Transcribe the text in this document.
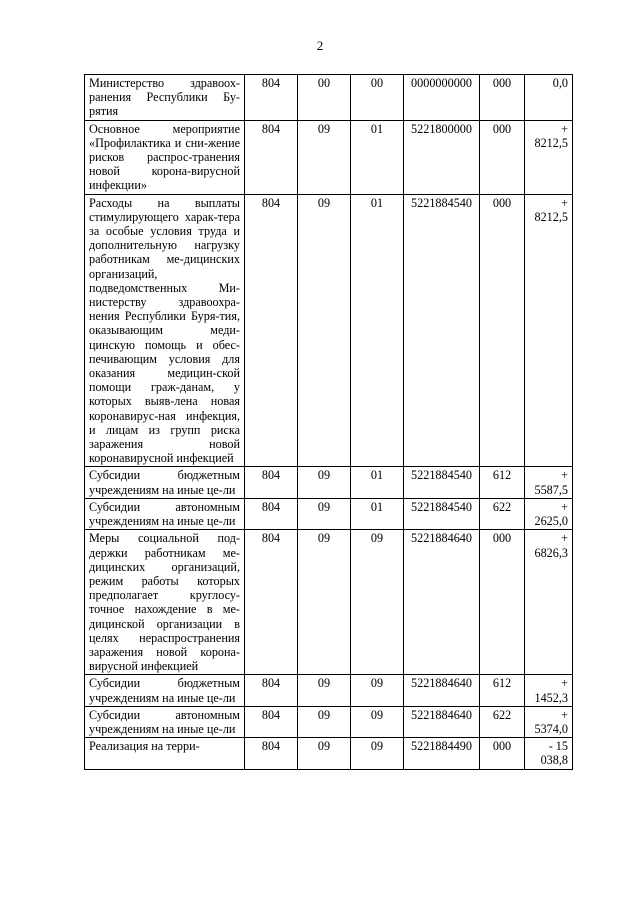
2
Министерство здравоох-ранения Республики Бу-рятия	804	00	00	0000000000	000	0,0
Основное мероприятие «Профилактика и сни-жение рисков распрос-транения новой корона-вирусной инфекции»	804	09	01	5221800000	000	+ 8212,5
Расходы на выплаты стимулирующего харак-тера за особые условия труда и дополнительную нагрузку работникам ме-дицинских организаций, подведомственных Ми-нистерству здравоохра-нения Республики Буря-тия, оказывающим меди-цинскую помощь и обес-печивающим условия для оказания медицин-ской помощи граж-данам, у которых выяв-лена новая коронавирус-ная инфекция, и лицам из групп риска заражения новой коронавирусной инфекцией	804	09	01	5221884540	000	+ 8212,5
Субсидии бюджетным учреждениям на иные це-ли	804	09	01	5221884540	612	+ 5587,5
Субсидии автономным учреждениям на иные це-ли	804	09	01	5221884540	622	+ 2625,0
Меры социальной под-держки работникам ме-дицинских организаций, режим работы которых предполагает круглосу-точное нахождение в ме-дицинской организации в целях нераспространения заражения новой корона-вирусной инфекцией	804	09	09	5221884640	000	+ 6826,3
Субсидии бюджетным учреждениям на иные це-ли	804	09	09	5221884640	612	+ 1452,3
Субсидии автономным учреждениям на иные це-ли	804	09	09	5221884640	622	+ 5374,0
Реализация на терри-	804	09	09	5221884490	000	- 15 038,8
